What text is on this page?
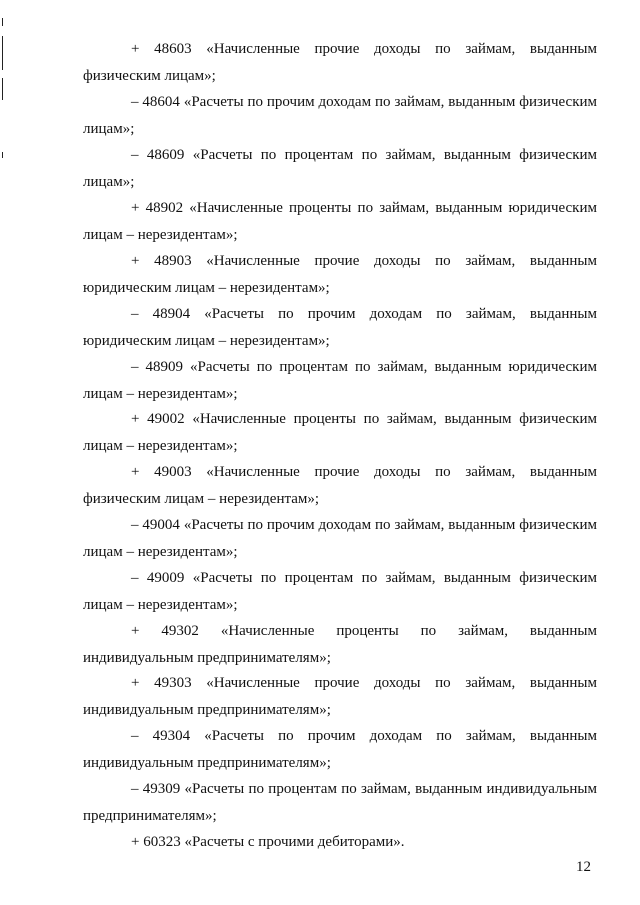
+ 48603 «Начисленные прочие доходы по займам, выданным физическим лицам»;

– 48604 «Расчеты по прочим доходам по займам, выданным физическим лицам»;

– 48609 «Расчеты по процентам по займам, выданным физическим лицам»;

+ 48902 «Начисленные проценты по займам, выданным юридическим лицам – нерезидентам»;

+ 48903 «Начисленные прочие доходы по займам, выданным юридическим лицам – нерезидентам»;

– 48904 «Расчеты по прочим доходам по займам, выданным юридическим лицам – нерезидентам»;

– 48909 «Расчеты по процентам по займам, выданным юридическим лицам – нерезидентам»;

+ 49002 «Начисленные проценты по займам, выданным физическим лицам – нерезидентам»;

+ 49003 «Начисленные прочие доходы по займам, выданным физическим лицам – нерезидентам»;

– 49004 «Расчеты по прочим доходам по займам, выданным физическим лицам – нерезидентам»;

– 49009 «Расчеты по процентам по займам, выданным физическим лицам – нерезидентам»;

+ 49302 «Начисленные проценты по займам, выданным индивидуальным предпринимателям»;

+ 49303 «Начисленные прочие доходы по займам, выданным индивидуальным предпринимателям»;

– 49304 «Расчеты по прочим доходам по займам, выданным индивидуальным предпринимателям»;

– 49309 «Расчеты по процентам по займам, выданным индивидуальным предпринимателям»;

+ 60323 «Расчеты с прочими дебиторами».

12
